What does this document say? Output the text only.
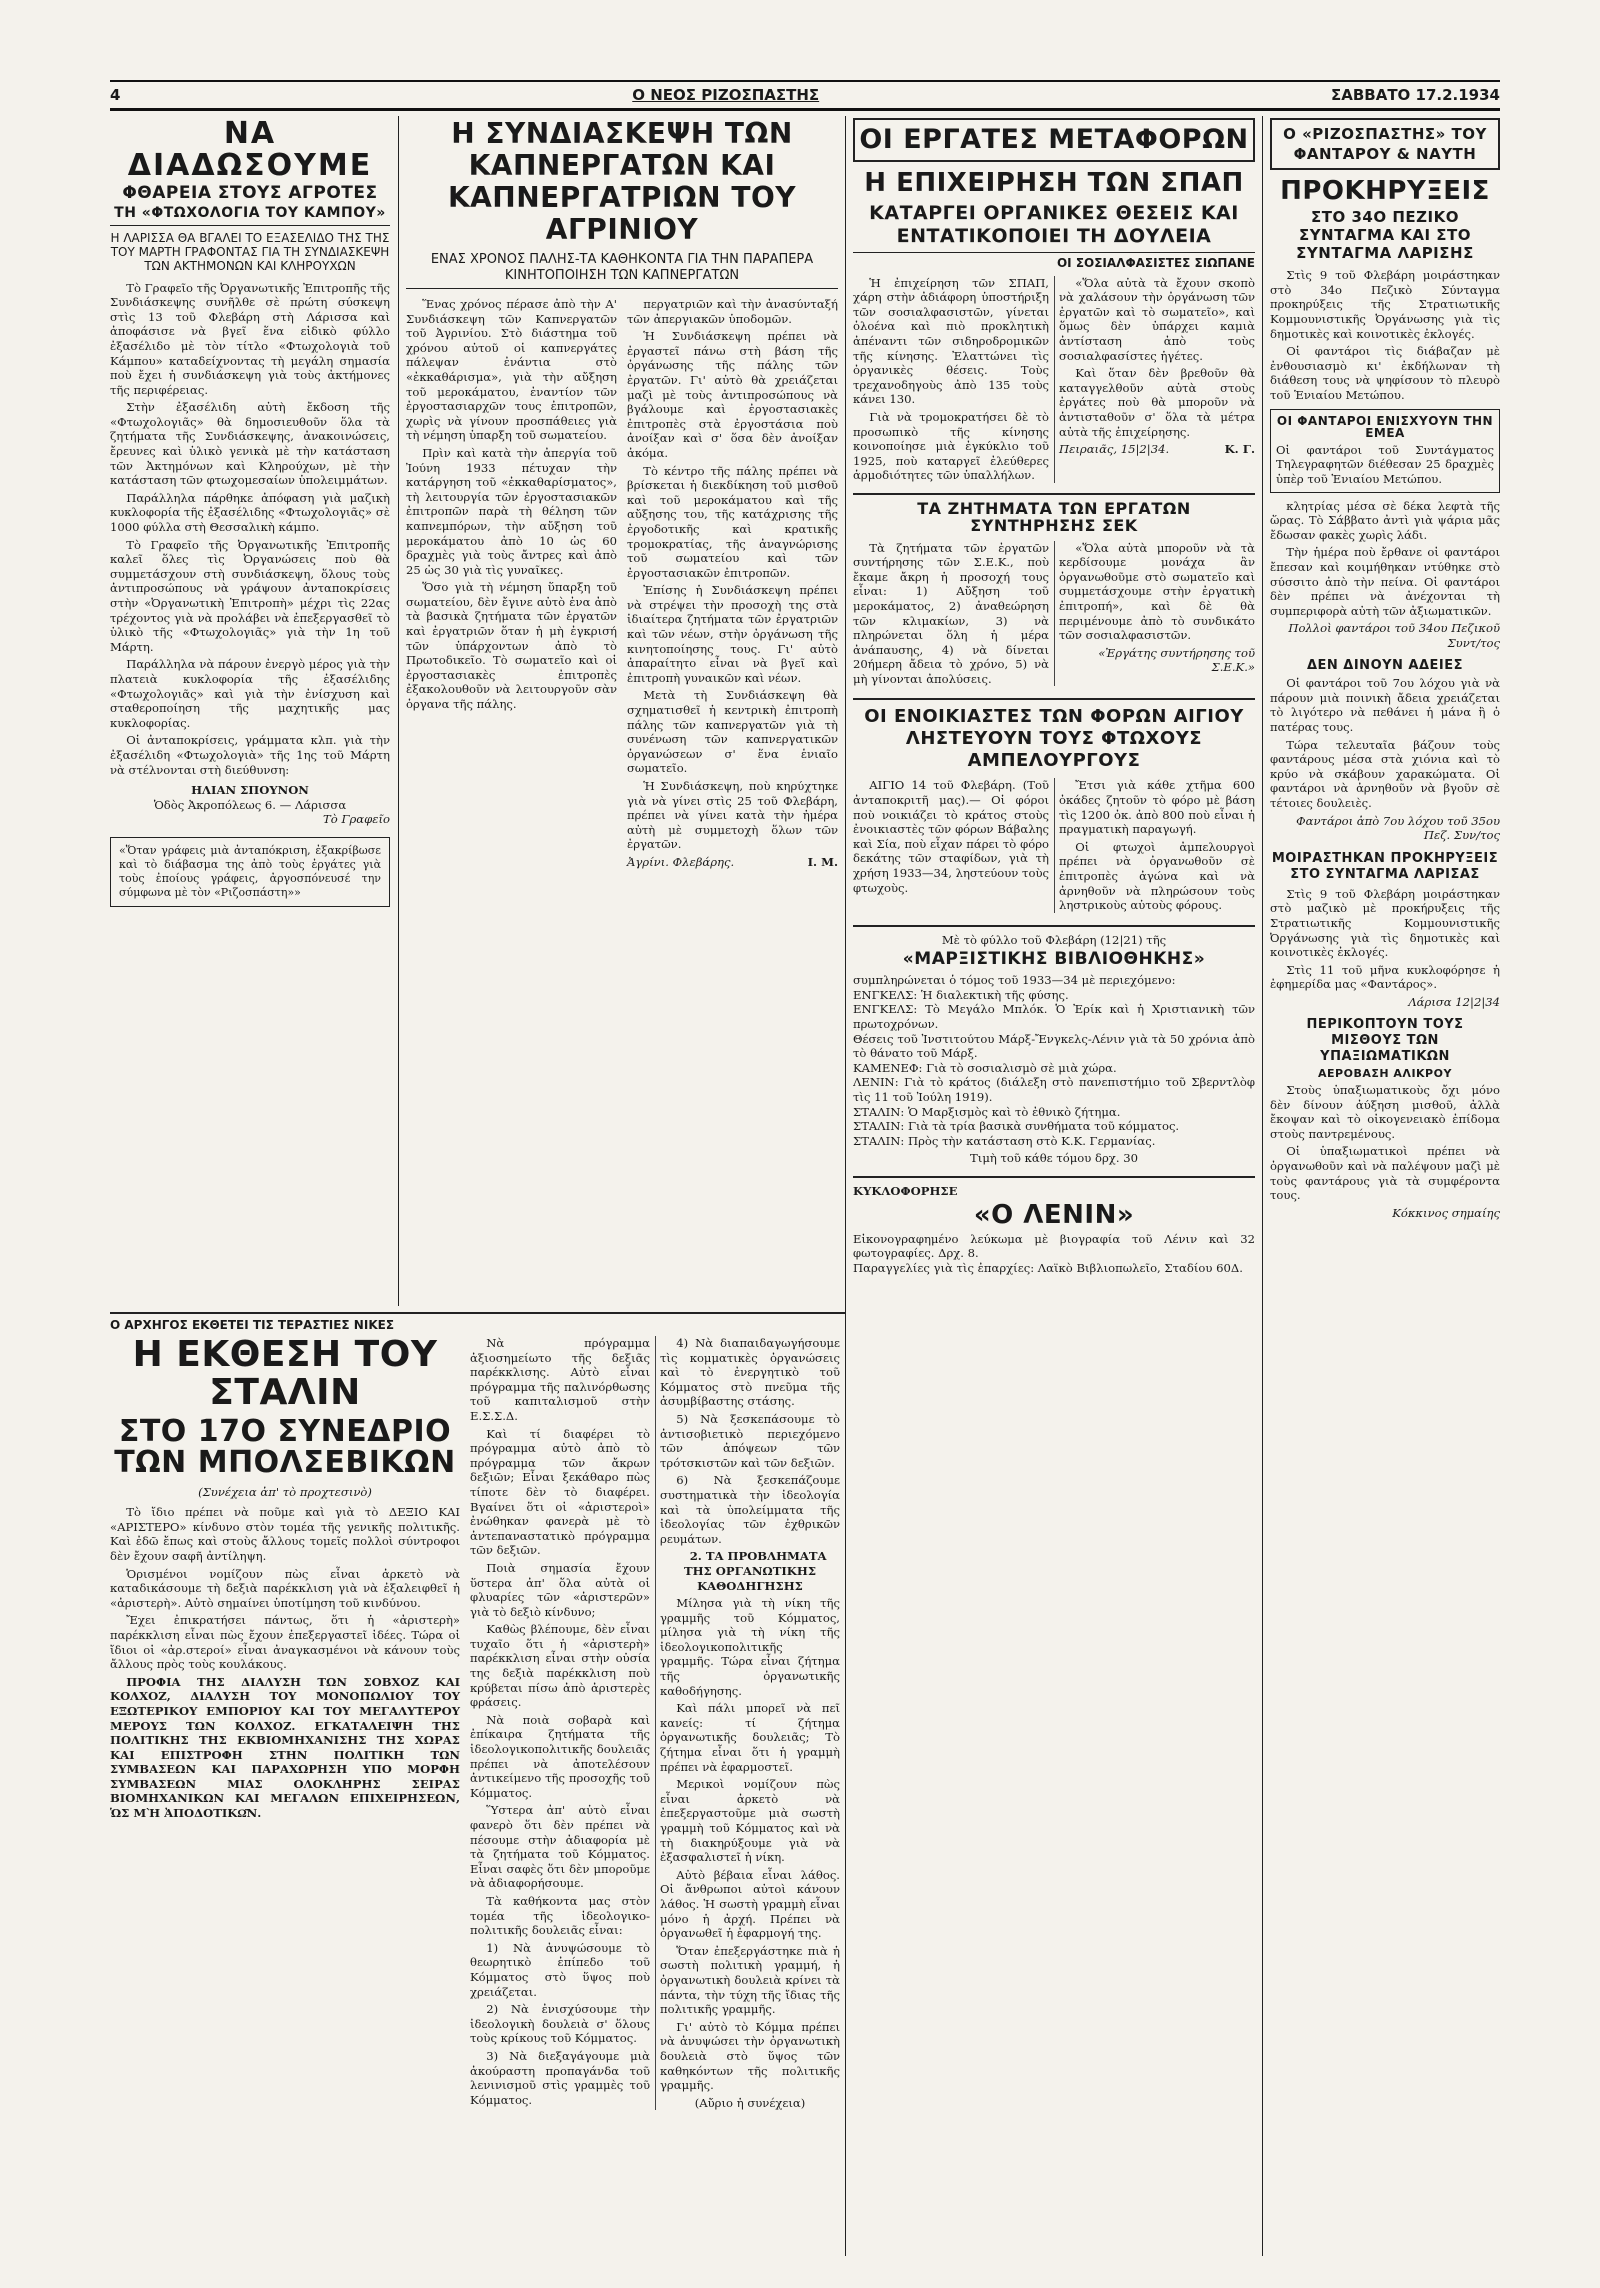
4	Ο ΝΕΟΣ ΡΙΖΟΣΠΑΣΤΗΣ	ΣΑΒΒΑΤΟ 17.2.1934
ΝΑ ΔΙΑΔΩΣΟΥΜΕ
ΦΘΑΡΕΙΑ ΣΤΟΥΣ ΑΓΡΟΤΕΣ
ΤΗ «ΦΤΩΧΟΛΟΓΙΑ ΤΟΥ ΚΑΜΠΟΥ»
Η ΛΑΡΙΣΣΑ ΘΑ ΒΓΑΛΕΙ ΤΟ ΕΞΑΣΕΛΙΔΟ ΤΗΣ ΤΗΣ ΤΟΥ ΜΑΡΤΗ ΓΡΑΦΟΝΤΑΣ ΓΙΑ ΤΗ ΣΥΝΔΙΑΣΚΕΨΗ ΤΩΝ ΑΚΤΗΜΟΝΩΝ ΚΑΙ ΚΛΗΡΟΥΧΩΝ

Τὸ Γραφεῖο τῆς Ὀργανωτικῆς Ἐπιτροπῆς τῆς Συνδιάσκεψης συνῆλθε σὲ πρώτη σύσκεψη στὶς 13 τοῦ Φλεβάρη στὴ Λάρισσα καὶ ἀποφάσισε νὰ βγεῖ ἕνα εἰδικὸ φύλλο ἐξασέλιδο μὲ τὸν τίτλο «Φτωχολογιὰ τοῦ Κάμπου» καταδείχνοντας τὴ μεγάλη σημασία ποὺ ἔχει ἡ συνδιάσκεψη γιὰ τοὺς ἀκτήμονες τῆς περιφέρειας.

Στὴν ἐξασέλιδη αὐτὴ ἔκδοση τῆς «Φτωχολογιᾶς» θὰ δημοσιευθοῦν ὅλα τὰ ζητήματα τῆς Συνδιάσκεψης, ἀνακοινώσεις, ἔρευνες καὶ ὑλικὸ γενικὰ μὲ τὴν κατάσταση τῶν Ἀκτημόνων καὶ Κληρούχων, μὲ τὴν κατάσταση τῶν φτωχομεσαίων ὑπολειμμάτων.

Παράλληλα πάρθηκε ἀπόφαση γιὰ μαζικὴ κυκλοφορία τῆς ἐξασέλιδης «Φτωχολογιᾶς» σὲ 1000 φύλλα στὴ Θεσσαλικὴ κάμπο.

Τὸ Γραφεῖο τῆς Ὀργανωτικῆς Ἐπιτροπῆς καλεῖ ὅλες τὶς Ὀργανώσεις ποὺ θὰ συμμετάσχουν στὴ συνδιάσκεψη, ὅλους τοὺς ἀντιπροσώπους νὰ γράψουν ἀνταποκρίσεις στὴν «Ὀργανωτικὴ Ἐπιτροπὴ» μέχρι τὶς 22ας τρέχοντος γιὰ νὰ προλάβει νὰ ἐπεξεργασθεῖ τὸ ὑλικὸ τῆς «Φτωχολογιᾶς» γιὰ τὴν 1η τοῦ Μάρτη.

Παράλληλα νὰ πάρουν ἐνεργὸ μέρος γιὰ τὴν πλατειὰ κυκλοφορία τῆς ἐξασέλιδης «Φτωχολογιᾶς» καὶ γιὰ τὴν ἐνίσχυση καὶ σταθεροποίηση τῆς μαχητικῆς μας κυκλοφορίας.

Οἱ ἀνταποκρίσεις, γράμματα κλπ. γιὰ τὴν ἐξασέλιδη «Φτωχολογιὰ» τῆς 1ης τοῦ Μάρτη νὰ στέλνονται στὴ διεύθυνση:

ΗΛΙΑΝ ΣΠΟΥΝΟΝ
Ὁδὸς Ἀκροπόλεως 6. — Λάρισσα
Τὸ Γραφεῖο
«Ὅταν γράφεις μιὰ ἀνταπόκριση, ἐξακρίβωσε καὶ τὸ διάβασμα της ἀπὸ τοὺς ἐργάτες γιὰ τοὺς ἐποίους γράφεις, ἀργοσπόνευσέ την σύμφωνα μὲ τὸν «Ριζοσπάστη»»
Η ΣΥΝΔΙΑΣΚΕΨΗ ΤΩΝ ΚΑΠΝΕΡΓΑΤΩΝ ΚΑΙ ΚΑΠΝΕΡΓΑΤΡΙΩΝ ΤΟΥ ΑΓΡΙΝΙΟΥ
ΕΝΑΣ ΧΡΟΝΟΣ ΠΑΛΗΣ-ΤΑ ΚΑΘΗΚΟΝΤΑ ΓΙΑ ΤΗΝ ΠΑΡΑΠΕΡΑ ΚΙΝΗΤΟΠΟΙΗΣΗ ΤΩΝ ΚΑΠΝΕΡΓΑΤΩΝ

Ἕνας χρόνος πέρασε ἀπὸ τὴν Α' Συνδιάσκεψη τῶν Καπνεργατῶν τοῦ Ἀγρινίου. Στὸ διάστημα τοῦ χρόνου αὐτοῦ οἱ καπνεργάτες πάλεψαν ἐνάντια στὸ «ἐκκαθάρισμα», γιὰ τὴν αὔξηση τοῦ μεροκάματου, ἐναντίον τῶν ἐργοστασιαρχῶν τους ἐπιτροπῶν, χωρὶς νὰ γίνουν προσπάθειες γιὰ τὴ νέμηση ὑπαρξη τοῦ σωματείου.

Πρὶν καὶ κατὰ τὴν ἀπεργία τοῦ Ἰούνη 1933 πέτυχαν τὴν κατάργηση τοῦ «ἐκκαθαρίσματος», τὴ λειτουργία τῶν ἐργοστασιακῶν ἐπιτροπῶν παρὰ τὴ θέληση τῶν καπνεμπόρων, τὴν αὔξηση τοῦ μεροκάματου ἀπὸ 10 ὡς 60 δραχμὲς γιὰ τοὺς ἄντρες καὶ ἀπὸ 25 ὡς 30 γιὰ τὶς γυναῖκες.

Ὅσο γιὰ τὴ νέμηση ὕπαρξη τοῦ σωματείου, δὲν ἔγινε αὐτὸ ἐνα ἀπὸ τὰ βασικὰ ζητήματα τῶν ἐργατῶν καὶ ἐργατριῶν ὅταν ἡ μὴ ἐγκρισή τῶν ὑπάρχοντων ἀπὸ τὸ Πρωτοδικεῖο. Τὸ σωματεῖο καὶ οἱ ἐργοστασιακὲς ἐπιτροπὲς ἐξακολουθοῦν νὰ λειτουργοῦν σὰν ὁργανα τῆς πάλης.

περγατριῶν καὶ τὴν ἀνασύνταξή τῶν ἀπεργιακῶν ὑποδομῶν.

Ἡ Συνδιάσκεψη πρέπει νὰ ἐργαστεῖ πάνω στὴ βάση τῆς ὀργάνωσης τῆς πάλης τῶν ἐργατῶν. Γι' αὐτὸ θὰ χρειάζεται μαζὶ μὲ τοὺς ἀντιπροσώπους νὰ βγάλουμε καὶ ἐργοστασιακὲς ἐπιτροπὲς στὰ ἐργοστάσια ποὺ ἀνοίξαν καὶ σ' ὅσα δὲν ἀνοίξαν ἀκόμα.

Τὸ κέντρο τῆς πάλης πρέπει νὰ βρίσκεται ἡ διεκδίκηση τοῦ μισθοῦ καὶ τοῦ μεροκάματου καὶ τῆς αὔξησης του, τῆς κατάχρισης τῆς ἐργοδοτικῆς καὶ κρατικῆς τρομοκρατίας, τῆς ἀναγνώρισης τοῦ σωματείου καὶ τῶν ἐργοστασιακῶν ἐπιτροπῶν.

Ἐπίσης ἡ Συνδιάσκεψη πρέπει νὰ στρέψει τὴν προσοχὴ της στὰ ἰδιαίτερα ζητήματα τῶν ἐργατριῶν καὶ τῶν νέων, στὴν ὀργάνωση τῆς κινητοποίησης τους. Γι' αὐτὸ ἀπαραίτητο εἶναι νὰ βγεῖ καὶ ἐπιτροπὴ γυναικῶν καὶ νέων.

Μετὰ τὴ Συνδιάσκεψη θὰ σχηματισθεῖ ἡ κεντρικὴ ἐπιτροπὴ πάλης τῶν καπνεργατῶν γιὰ τὴ συνένωση τῶν καπνεργατικῶν ὀργανώσεων σ' ἕνα ἑνιαῖο σωματεῖο.

Ἡ Συνδιάσκεψη, ποὺ κηρύχτηκε γιὰ νὰ γίνει στὶς 25 τοῦ Φλεβάρη, πρέπει νὰ γίνει κατὰ τὴν ἡμέρα αὐτὴ μὲ συμμετοχὴ ὅλων τῶν ἐργατῶν.

Ἀγρίνι. Φλεβάρης.	Ι. Μ.
ΟΙ ΕΡΓΑΤΕΣ ΜΕΤΑΦΟΡΩΝ
Η ΕΠΙΧΕΙΡΗΣΗ ΤΩΝ ΣΠΑΠ
ΚΑΤΑΡΓΕΙ ΟΡΓΑΝΙΚΕΣ ΘΕΣΕΙΣ ΚΑΙ ΕΝΤΑΤΙΚΟΠΟΙΕΙ ΤΗ ΔΟΥΛΕΙΑ
ΟΙ ΣΟΣΙΑΛΦΑΣΙΣΤΕΣ ΣΙΩΠΑΝΕ

Ἡ ἐπιχείρηση τῶν ΣΠΑΠ, χάρη στὴν ἀδιάφορη ὑποστήριξη τῶν σοσιαλφασιστῶν, γίνεται ὁλοένα καὶ πιὸ προκλητικὴ ἀπέναντι τῶν σιδηροδρομικῶν τῆς κίνησης. Ἐλαττώνει τὶς ὀργανικὲς θέσεις. Τοὺς τρεχανοδηγοὺς ἀπὸ 135 τοὺς κάνει 130.

Γιὰ νὰ τρομοκρατήσει δὲ τὸ προσωπικὸ τῆς κίνησης κοινοποίησε μιὰ ἐγκύκλιο τοῦ 1925, ποὺ καταργεῖ ἐλεύθερες ἁρμοδιότητες τῶν ὑπαλλήλων.

«Ὅλα αὐτὰ τὰ ἔχουν σκοπὸ νὰ χαλάσουν τὴν ὀργάνωση τῶν ἐργατῶν καὶ τὸ σωματεῖο», καὶ ὅμως δὲν ὑπάρχει καμιὰ ἀντίσταση ἀπὸ τοὺς σοσιαλφασίστες ἡγέτες.

Καὶ ὅταν δὲν βρεθοῦν θὰ καταγγελθοῦν αὐτὰ στοὺς ἐργάτες ποὺ θὰ μποροῦν νὰ ἀντισταθοῦν σ' ὅλα τὰ μέτρα αὐτὰ τῆς ἐπιχείρησης.

Πειραιᾶς, 15|2|34.	Κ. Γ.
ΤΑ ΖΗΤΗΜΑΤΑ ΤΩΝ ΕΡΓΑΤΩΝ ΣΥΝΤΗΡΗΣΗΣ ΣΕΚ

Τὰ ζητήματα τῶν ἐργατῶν συντήρησης τῶν Σ.Ε.Κ., ποὺ ἔκαμε ἄκρη ἡ προσοχή τους εἶναι: 1) Αὔξηση τοῦ μεροκάματος, 2) ἀναθεώρηση τῶν κλιμακίων, 3) νὰ πληρώνεται ὅλη ἡ μέρα ἀνάπαυσης, 4) νὰ δίνεται 20ήμερη ἄδεια τὸ χρόνο, 5) νὰ μὴ γίνονται ἀπολύσεις.

«Ὅλα αὐτὰ μποροῦν νὰ τὰ κερδίσουμε μονάχα ἂν ὀργανωθοῦμε στὸ σωματεῖο καὶ συμμετάσχουμε στὴν ἐργατικὴ ἐπιτροπή», καὶ δὲ θὰ περιμένουμε ἀπὸ τὸ συνδικάτο τῶν σοσιαλφασιστῶν.

«Ἐργάτης συντήρησης τοῦ Σ.Ε.Κ.»
ΟΙ ΕΝΟΙΚΙΑΣΤΕΣ ΤΩΝ ΦΟΡΩΝ ΑΙΓΙΟΥ ΛΗΣΤΕΥΟΥΝ ΤΟΥΣ ΦΤΩΧΟΥΣ ΑΜΠΕΛΟΥΡΓΟΥΣ

ΑΙΓΙΟ 14 τοῦ Φλεβάρη. (Τοῦ ἀνταποκριτῆ μας).— Οἱ φόροι ποὺ νοικιάζει τὸ κράτος στοὺς ἐνοικιαστὲς τῶν φόρων Βάβαλης καὶ Σία, ποὺ εἶχαν πάρει τὸ φόρο δεκάτης τῶν σταφίδων, γιὰ τὴ χρήση 1933—34, ληστεύουν τοὺς φτωχοὺς.

Ἔτσι γιὰ κάθε χτῆμα 600 ὀκάδες ζητοῦν τὸ φόρο μὲ βάση τὶς 1200 ὀκ. ἀπὸ 800 ποὺ εἶναι ἡ πραγματικὴ παραγωγή.

Οἱ φτωχοὶ ἀμπελουργοὶ πρέπει νὰ ὀργανωθοῦν σὲ ἐπιτροπὲς ἀγώνα καὶ νὰ ἀρνηθοῦν νὰ πληρώσουν τοὺς ληστρικοὺς αὐτοὺς φόρους.

Μὲ τὸ φύλλο τοῦ Φλεβάρη (12|21) τῆς
«ΜΑΡΞΙΣΤΙΚΗΣ ΒΙΒΛΙΟΘΗΚΗΣ»
συμπληρώνεται ὁ τόμος τοῦ 1933—34 μὲ περιεχόμενο:
ΕΝΓΚΕΛΣ: Ἡ διαλεκτικὴ τῆς φύσης.
ΕΝΓΚΕΛΣ: Τὸ Μεγάλο Μπλόκ. Ὁ Ἐρίκ καὶ ἡ Χριστιανικὴ τῶν πρωτοχρόνων.
Θέσεις τοῦ Ἰνστιτούτου Μάρξ-Ἔνγκελς-Λένιν γιὰ τὰ 50 χρόνια ἀπὸ τὸ θάνατο τοῦ Μάρξ.
ΚΑΜΕΝΕΦ: Γιὰ τὸ σοσιαλισμὸ σὲ μιὰ χώρα.
ΛΕΝΙΝ: Γιὰ τὸ κράτος (διάλεξη στὸ πανεπιστήμιο τοῦ Σβερντλὸφ τὶς 11 τοῦ Ἰούλη 1919).
ΣΤΑΛΙΝ: Ὁ Μαρξισμὸς καὶ τὸ ἐθνικὸ ζήτημα.
ΣΤΑΛΙΝ: Γιὰ τὰ τρία βασικὰ συνθήματα τοῦ κόμματος.
ΣΤΑΛΙΝ: Πρὸς τὴν κατάσταση στὸ Κ.Κ. Γερμανίας.
Τιμὴ τοῦ κάθε τόμου δρχ. 30
ΚΥΚΛΟΦΟΡΗΣΕ
«Ο ΛΕΝΙΝ»
Εἰκονογραφημένο λεύκωμα μὲ βιογραφία τοῦ Λένιν καὶ 32 φωτογραφίες. Δρχ. 8.
Παραγγελίες γιὰ τὶς ἐπαρχίες: Λαϊκὸ Βιβλιοπωλεῖο, Σταδίου 60Δ.
Ο «ΡΙΖΟΣΠΑΣΤΗΣ» ΤΟΥ ΦΑΝΤΑΡΟΥ & ΝΑΥΤΗ
ΠΡΟΚΗΡΥΞΕΙΣ
ΣΤΟ 34Ο ΠΕΖΙΚΟ ΣΥΝΤΑΓΜΑ ΚΑΙ ΣΤΟ ΣΥΝΤΑΓΜΑ ΛΑΡΙΣΗΣ

Στὶς 9 τοῦ Φλεβάρη μοιράστηκαν στὸ 34ο Πεζικὸ Σύνταγμα προκηρύξεις τῆς Στρατιωτικῆς Κομμουνιστικῆς Ὀργάνωσης γιὰ τὶς δημοτικὲς καὶ κοινοτικὲς ἐκλογές.

Οἱ φαντάροι τὶς διάβαζαν μὲ ἐνθουσιασμὸ κι' ἐκδήλωναν τὴ διάθεση τους νὰ ψηφίσουν τὸ πλευρὸ τοῦ Ἑνιαίου Μετώπου.

ΟΙ ΦΑΝΤΑΡΟΙ ΕΝΙΣΧΥΟΥΝ ΤΗΝ ΕΜΕΑ
Οἱ φαντάροι τοῦ Συντάγματος Τηλεγραφητῶν διέθεσαν 25 δραχμὲς ὑπὲρ τοῦ Ἑνιαίου Μετώπου.

κλητρίας μέσα σὲ δέκα λεφτὰ τῆς ὥρας. Τὸ Σάββατο ἀντὶ γιὰ ψάρια μᾶς ἔδωσαν φακὲς χωρὶς λάδι.

Τὴν ἡμέρα ποὺ ἔρθανε οἱ φαντάροι ἔπεσαν καὶ κοιμήθηκαν ντύθηκε στὸ σύσσιτο ἀπὸ τὴν πείνα. Οἱ φαντάροι δὲν πρέπει νὰ ἀνέχονται τὴ συμπεριφορὰ αὐτὴ τῶν ἀξιωματικῶν.

Πολλοὶ φαντάροι τοῦ 34ου Πεζικοῦ Συντ/τος
ΔΕΝ ΔΙΝΟΥΝ ΑΔΕΙΕΣ

Οἱ φαντάροι τοῦ 7ου λόχου γιὰ νὰ πάρουν μιὰ ποινικὴ ἄδεια χρειάζεται τὸ λιγότερο νὰ πεθάνει ἡ μάνα ἢ ὁ πατέρας τους.

Τώρα τελευταῖα βάζουν τοὺς φαντάρους μέσα στὰ χιόνια καὶ τὸ κρύο νὰ σκάβουν χαρακώματα. Οἱ φαντάροι νὰ ἀρνηθοῦν νὰ βγοῦν σὲ τέτοιες δουλειὲς.

Φαντάροι ἀπὸ 7ου λόχου τοῦ 35ου Πεζ. Συν/τος
ΜΟΙΡΑΣΤΗΚΑΝ ΠΡΟΚΗΡΥΞΕΙΣ ΣΤΟ ΣΥΝΤΑΓΜΑ ΛΑΡΙΣΑΣ

Στὶς 9 τοῦ Φλεβάρη μοιράστηκαν στὸ μαζικὸ μὲ προκήρυξεις τῆς Στρατιωτικῆς Κομμουνιστικῆς Ὀργάνωσης γιὰ τὶς δημοτικὲς καὶ κοινοτικὲς ἐκλογές.

Στὶς 11 τοῦ μῆνα κυκλοφόρησε ἡ ἐφημερίδα μας «Φαντάρος».

Λάρισα 12|2|34
ΠΕΡΙΚΟΠΤΟΥΝ ΤΟΥΣ ΜΙΣΘΟΥΣ ΤΩΝ ΥΠΑΞΙΩΜΑΤΙΚΩΝ
ΑΕΡΟΒΑΣΗ ΑΛΙΚΡΟΥ

Στοὺς ὑπαξιωματικοὺς ὄχι μόνο δὲν δίνουν ἀύξηση μισθοῦ, ἀλλὰ ἔκοψαν καὶ τὸ οἰκογενειακὸ ἐπίδομα στοὺς παντρεμένους.

Οἱ ὑπαξιωματικοὶ πρέπει νὰ ὀργανωθοῦν καὶ νὰ παλέψουν μαζὶ μὲ τοὺς φαντάρους γιὰ τὰ συμφέροντα τους.

Κόκκινος σημαίης
Ο ΑΡΧΗΓΟΣ ΕΚΘΕΤΕΙ ΤΙΣ ΤΕΡΑΣΤΙΕΣ ΝΙΚΕΣ
Η ΕΚΘΕΣΗ ΤΟΥ ΣΤΑΛΙΝ
ΣΤΟ 17Ο ΣΥΝΕΔΡΙΟ ΤΩΝ ΜΠΟΛΣΕΒΙΚΩΝ
(Συνέχεια ἀπ' τὸ προχτεσινὸ)

Τὸ ἴδιο πρέπει νὰ ποῦμε καὶ γιὰ τὸ ΔΕΞΙΟ ΚΑΙ «ΑΡΙΣΤΕΡΟ» κίνδυνο στὸν τομέα τῆς γενικῆς πολιτικῆς. Καὶ ἐδῶ ἔπως καὶ στοὺς ἄλλους τομεῖς πολλοὶ σύντροφοι δὲν ἔχουν σαφῆ ἀντίληψη.

Ὁρισμένοι νομίζουν πὼς εἶναι ἀρκετὸ νὰ καταδικάσουμε τὴ δεξιὰ παρέκκλιση γιὰ νὰ ἐξαλειφθεῖ ἡ «ἀριστερὴ». Αὐτὸ σημαίνει ὑποτίμηση τοῦ κινδύνου.

Ἔχει ἐπικρατήσει πάντως, ὅτι ἡ «ἀριστερὴ» παρέκκλιση εἶναι πὼς ἔχουν ἐπεξεργαστεῖ ἰδέες. Τώρα οἱ ἴδιοι οἱ «ἀρ.στεροί» εἶναι ἀναγκασμένοι νὰ κάνουν τοὺς ἄλλους πρὸς τοὺς κουλάκους.

ΠΡΟΦΙΑ ΤΗΣ ΔΙΑΛΥΣΗ ΤΩΝ ΣΟΒΧΟΖ ΚΑΙ ΚΟΛΧΟΖ, ΔΙΑΛΥΣΗ ΤΟΥ ΜΟΝΟΠΩΛΙΟΥ ΤΟΥ ΕΞΩΤΕΡΙΚΟΥ ΕΜΠΟΡΙΟΥ ΚΑΙ ΤΟΥ ΜΕΓΑΛΥΤΕΡΟΥ ΜΕΡΟΥΣ ΤΩΝ ΚΟΛΧΟΖ. ΕΓΚΑΤΑΛΕΙΨΗ ΤΗΣ ΠΟΛΙΤΙΚΗΣ ΤΗΣ ΕΚΒΙΟΜΗΧΑΝΙΣΗΣ ΤΗΣ ΧΩΡΑΣ ΚΑΙ ΕΠΙΣΤΡΟΦΗ ΣΤΗΝ ΠΟΛΙΤΙΚΗ ΤΩΝ ΣΥΜΒΑΣΕΩΝ ΚΑΙ ΠΑΡΑΧΩΡΗΣΗ ΥΠΟ ΜΟΡΦΗ ΣΥΜΒΑΣΕΩΝ ΜΙΑΣ ΟΛΟΚΛΗΡΗΣ ΣΕΙΡΑΣ ΒΙΟΜΗΧΑΝΙΚΩΝ ΚΑΙ ΜΕΓΑΛΩΝ ΕΠΙΧΕΙΡΗΣΕΩΝ, ὩΣ ΜῊ ἈΠΟΔΟΤΙΚΩ͂Ν.

Νὰ πρόγραμμα ἀξιοσημείωτο τῆς δεξιᾶς παρέκκλισης. Αὐτὸ εἶναι πρόγραμμα τῆς παλινόρθωσης τοῦ καπιταλισμοῦ στὴν Ε.Σ.Σ.Δ.

Καὶ τί διαφέρει τὸ πρόγραμμα αὐτὸ ἀπὸ τὸ πρόγραμμα τῶν ἄκρων δεξιῶν; Εἶναι ξεκάθαρο πὼς τίποτε δὲν τὸ διαφέρει. Βγαίνει ὅτι οἱ «ἀριστεροὶ» ἐνώθηκαν φανερὰ μὲ τὸ ἀντεπαναστατικὸ πρόγραμμα τῶν δεξιῶν.

Ποιὰ σημασία ἔχουν ὕστερα ἀπ' ὅλα αὐτὰ οἱ φλυαρίες τῶν «ἀριστερῶν» γιὰ τὸ δεξιὸ κίνδυνο;

Καθὼς βλέπουμε, δὲν εἶναι τυχαῖο ὅτι ἡ «ἀριστερὴ» παρέκκλιση εἶναι στὴν οὐσία της δεξιὰ παρέκκλιση ποὺ κρύβεται πίσω ἀπὸ ἀριστερὲς φράσεις.

Νὰ ποιὰ σοβαρὰ καὶ ἐπίκαιρα ζητήματα τῆς ἰδεολογικοπολιτικῆς δουλειᾶς πρέπει νὰ ἀποτελέσουν ἀντικείμενο τῆς προσοχῆς τοῦ Κόμματος.

Ὕστερα ἀπ' αὐτὸ εἶναι φανερὸ ὅτι δὲν πρέπει νὰ πέσουμε στὴν ἀδιαφορία μὲ τὰ ζητήματα τοῦ Κόμματος. Εἶναι σαφὲς ὅτι δὲν μποροῦμε νὰ ἀδιαφορήσουμε.

Τὰ καθήκοντα μας στὸν τομέα τῆς ἰδεολογικο-πολιτικῆς δουλειᾶς εἶναι:

1) Νὰ ἀνυψώσουμε τὸ θεωρητικὸ ἐπίπεδο τοῦ Κόμματος στὸ ὕψος ποὺ χρειάζεται.

2) Νὰ ἐνισχύσουμε τὴν ἰδεολογικὴ δουλειὰ σ' ὅλους τοὺς κρίκους τοῦ Κόμματος.

3) Νὰ διεξαγάγουμε μιὰ ἀκούραστη προπαγάνδα τοῦ λενινισμοῦ στὶς γραμμὲς τοῦ Κόμματος.

4) Νὰ διαπαιδαγωγήσουμε τὶς κομματικὲς ὀργανώσεις καὶ τὸ ἐνεργητικὸ τοῦ Κόμματος στὸ πνεῦμα τῆς ἀσυμβίβαστης στάσης.

5) Νὰ ξεσκεπάσουμε τὸ ἀντισοβιετικὸ περιεχόμενο τῶν ἀπόψεων τῶν τρότσκιστῶν καὶ τῶν δεξιῶν.

6) Νὰ ξεσκεπάζουμε συστηματικὰ τὴν ἰδεολογία καὶ τὰ ὑπολείμματα τῆς ἰδεολογίας τῶν ἐχθρικῶν ρευμάτων.

2. ΤΑ ΠΡΟΒΛΗΜΑΤΑ ΤΗΣ ΟΡΓΑΝΩΤΙΚΗΣ ΚΑΘΟΔΗΓΗΣΗΣ

Μίλησα γιὰ τὴ νίκη τῆς γραμμῆς τοῦ Κόμματος, μίλησα γιὰ τὴ νίκη τῆς ἰδεολογικοπολιτικῆς γραμμῆς. Τώρα εἶναι ζήτημα τῆς ὀργανωτικῆς καθοδήγησης.

Καὶ πάλι μπορεῖ νὰ πεῖ κανείς: τί ζήτημα ὀργανωτικῆς δουλειᾶς; Τὸ ζήτημα εἶναι ὅτι ἡ γραμμὴ πρέπει νὰ ἐφαρμοστεῖ.

Μερικοὶ νομίζουν πὼς εἶναι ἀρκετὸ νὰ ἐπεξεργαστοῦμε μιὰ σωστὴ γραμμὴ τοῦ Κόμματος καὶ νὰ τὴ διακηρύξουμε γιὰ νὰ ἐξασφαλιστεῖ ἡ νίκη.

Αὐτὸ βέβαια εἶναι λάθος. Οἱ ἄνθρωποι αὐτοὶ κάνουν λάθος. Ἡ σωστὴ γραμμὴ εἶναι μόνο ἡ ἀρχή. Πρέπει νὰ ὀργανωθεῖ ἡ ἐφαρμογή της.

Ὅταν ἐπεξεργάστηκε πιὰ ἡ σωστὴ πολιτικὴ γραμμή, ἡ ὀργανωτικὴ δουλειὰ κρίνει τὰ πάντα, τὴν τύχη τῆς ἴδιας τῆς πολιτικῆς γραμμῆς.

Γι' αὐτὸ τὸ Κόμμα πρέπει νὰ ἀνυψώσει τὴν ὀργανωτικὴ δουλειὰ στὸ ὕψος τῶν καθηκόντων τῆς πολιτικῆς γραμμῆς.

(Αὔριο ἡ συνέχεια)
